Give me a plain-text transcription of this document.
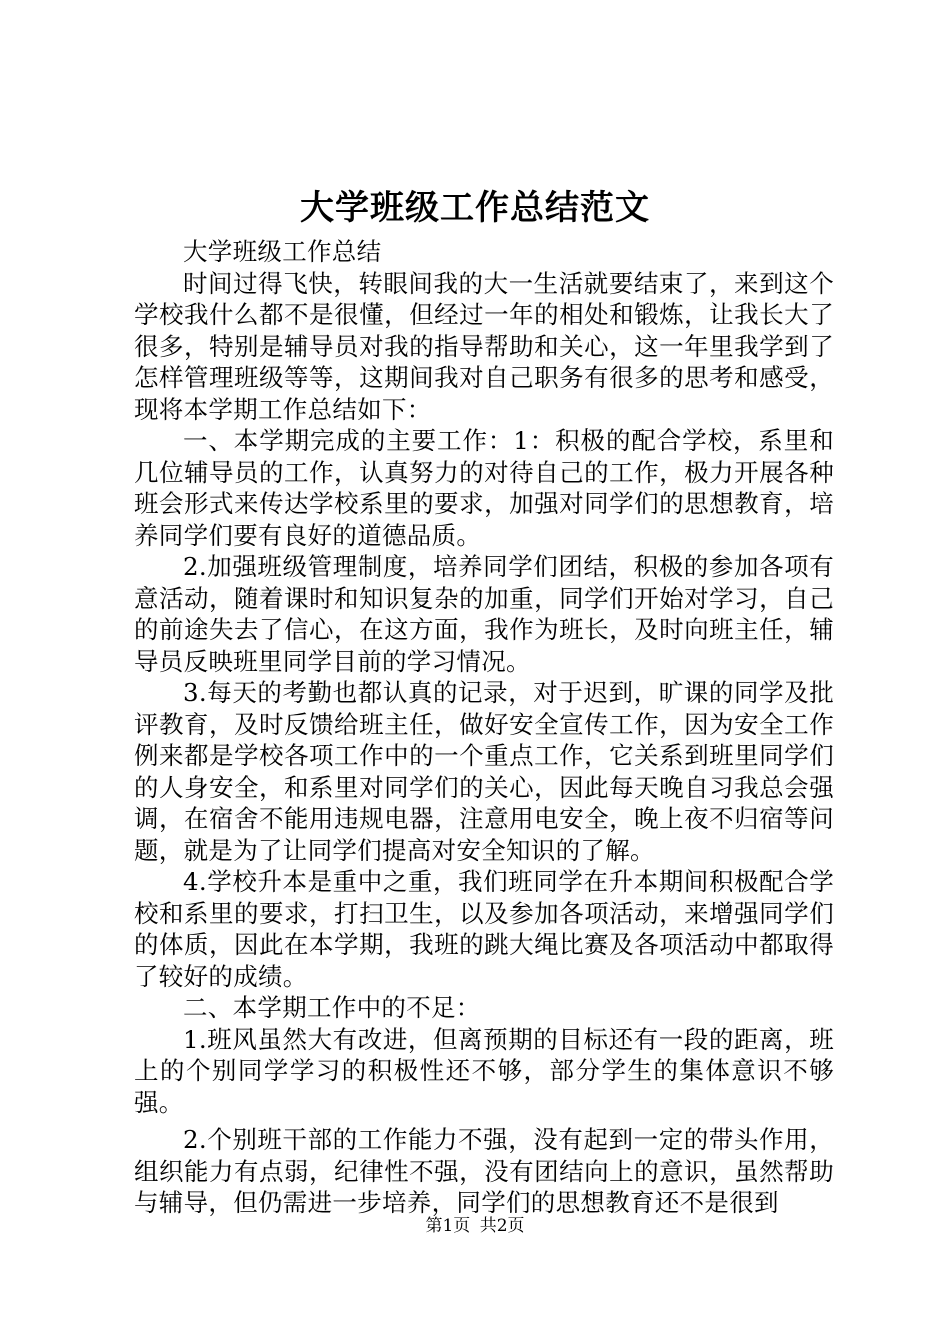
大学班级工作总结范文

大学班级工作总结

时间过得飞快，转眼间我的大一生活就要结束了，来到这个学校我什么都不是很懂，但经过一年的相处和锻炼，让我长大了很多，特别是辅导员对我的指导帮助和关心，这一年里我学到了怎样管理班级等等，这期间我对自己职务有很多的思考和感受，现将本学期工作总结如下：

一、本学期完成的主要工作：1：积极的配合学校，系里和几位辅导员的工作，认真努力的对待自己的工作，极力开展各种班会形式来传达学校系里的要求，加强对同学们的思想教育，培养同学们要有良好的道德品质。

2.加强班级管理制度，培养同学们团结，积极的参加各项有意活动，随着课时和知识复杂的加重，同学们开始对学习，自己的前途失去了信心，在这方面，我作为班长，及时向班主任，辅导员反映班里同学目前的学习情况。

3.每天的考勤也都认真的记录，对于迟到，旷课的同学及批评教育，及时反馈给班主任，做好安全宣传工作，因为安全工作例来都是学校各项工作中的一个重点工作，它关系到班里同学们的人身安全，和系里对同学们的关心，因此每天晚自习我总会强调，在宿舍不能用违规电器，注意用电安全，晚上夜不归宿等问题，就是为了让同学们提高对安全知识的了解。

4.学校升本是重中之重，我们班同学在升本期间积极配合学校和系里的要求，打扫卫生，以及参加各项活动，来增强同学们的体质，因此在本学期，我班的跳大绳比赛及各项活动中都取得了较好的成绩。

二、本学期工作中的不足：

1.班风虽然大有改进，但离预期的目标还有一段的距离，班上的个别同学学习的积极性还不够，部分学生的集体意识不够强。

2.个别班干部的工作能力不强，没有起到一定的带头作用，组织能力有点弱，纪律性不强，没有团结向上的意识，虽然帮助与辅导，但仍需进一步培养，同学们的思想教育还不是很到

第1页 共2页
